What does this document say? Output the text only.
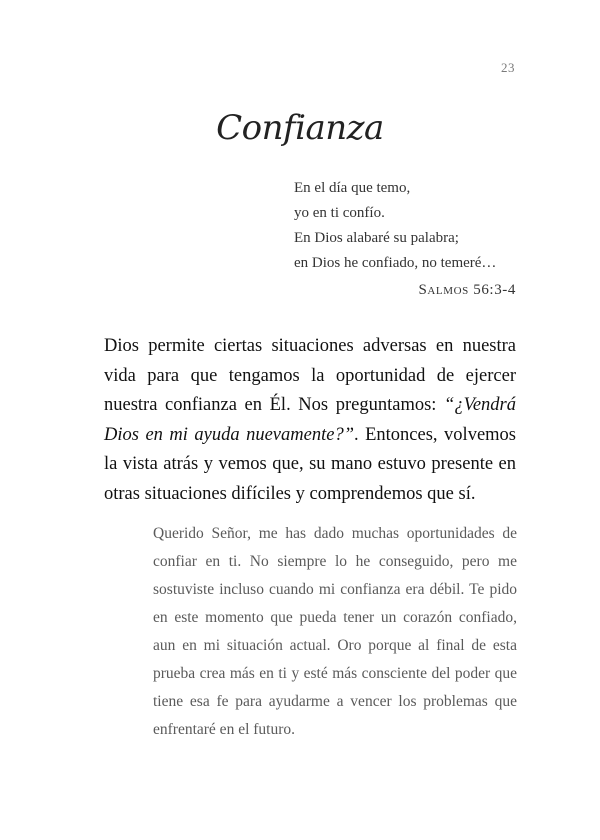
23
Confianza
En el día que temo,
yo en ti confío.
En Dios alabaré su palabra;
en Dios he confiado, no temeré…
Salmos 56:3-4
Dios permite ciertas situaciones adversas en nuestra vida para que tengamos la oportunidad de ejercer nuestra confianza en Él. Nos preguntamos: “¿Vendrá Dios en mi ayuda nuevamente?”. Entonces, volvemos la vista atrás y vemos que, su mano estuvo presente en otras situaciones difíciles y comprendemos que sí.
Querido Señor, me has dado muchas oportunidades de confiar en ti. No siempre lo he conseguido, pero me sostuviste incluso cuando mi confianza era débil. Te pido en este momento que pueda tener un corazón confiado, aun en mi situación actual. Oro porque al final de esta prueba crea más en ti y esté más consciente del poder que tiene esa fe para ayudarme a vencer los problemas que enfrentaré en el futuro.
